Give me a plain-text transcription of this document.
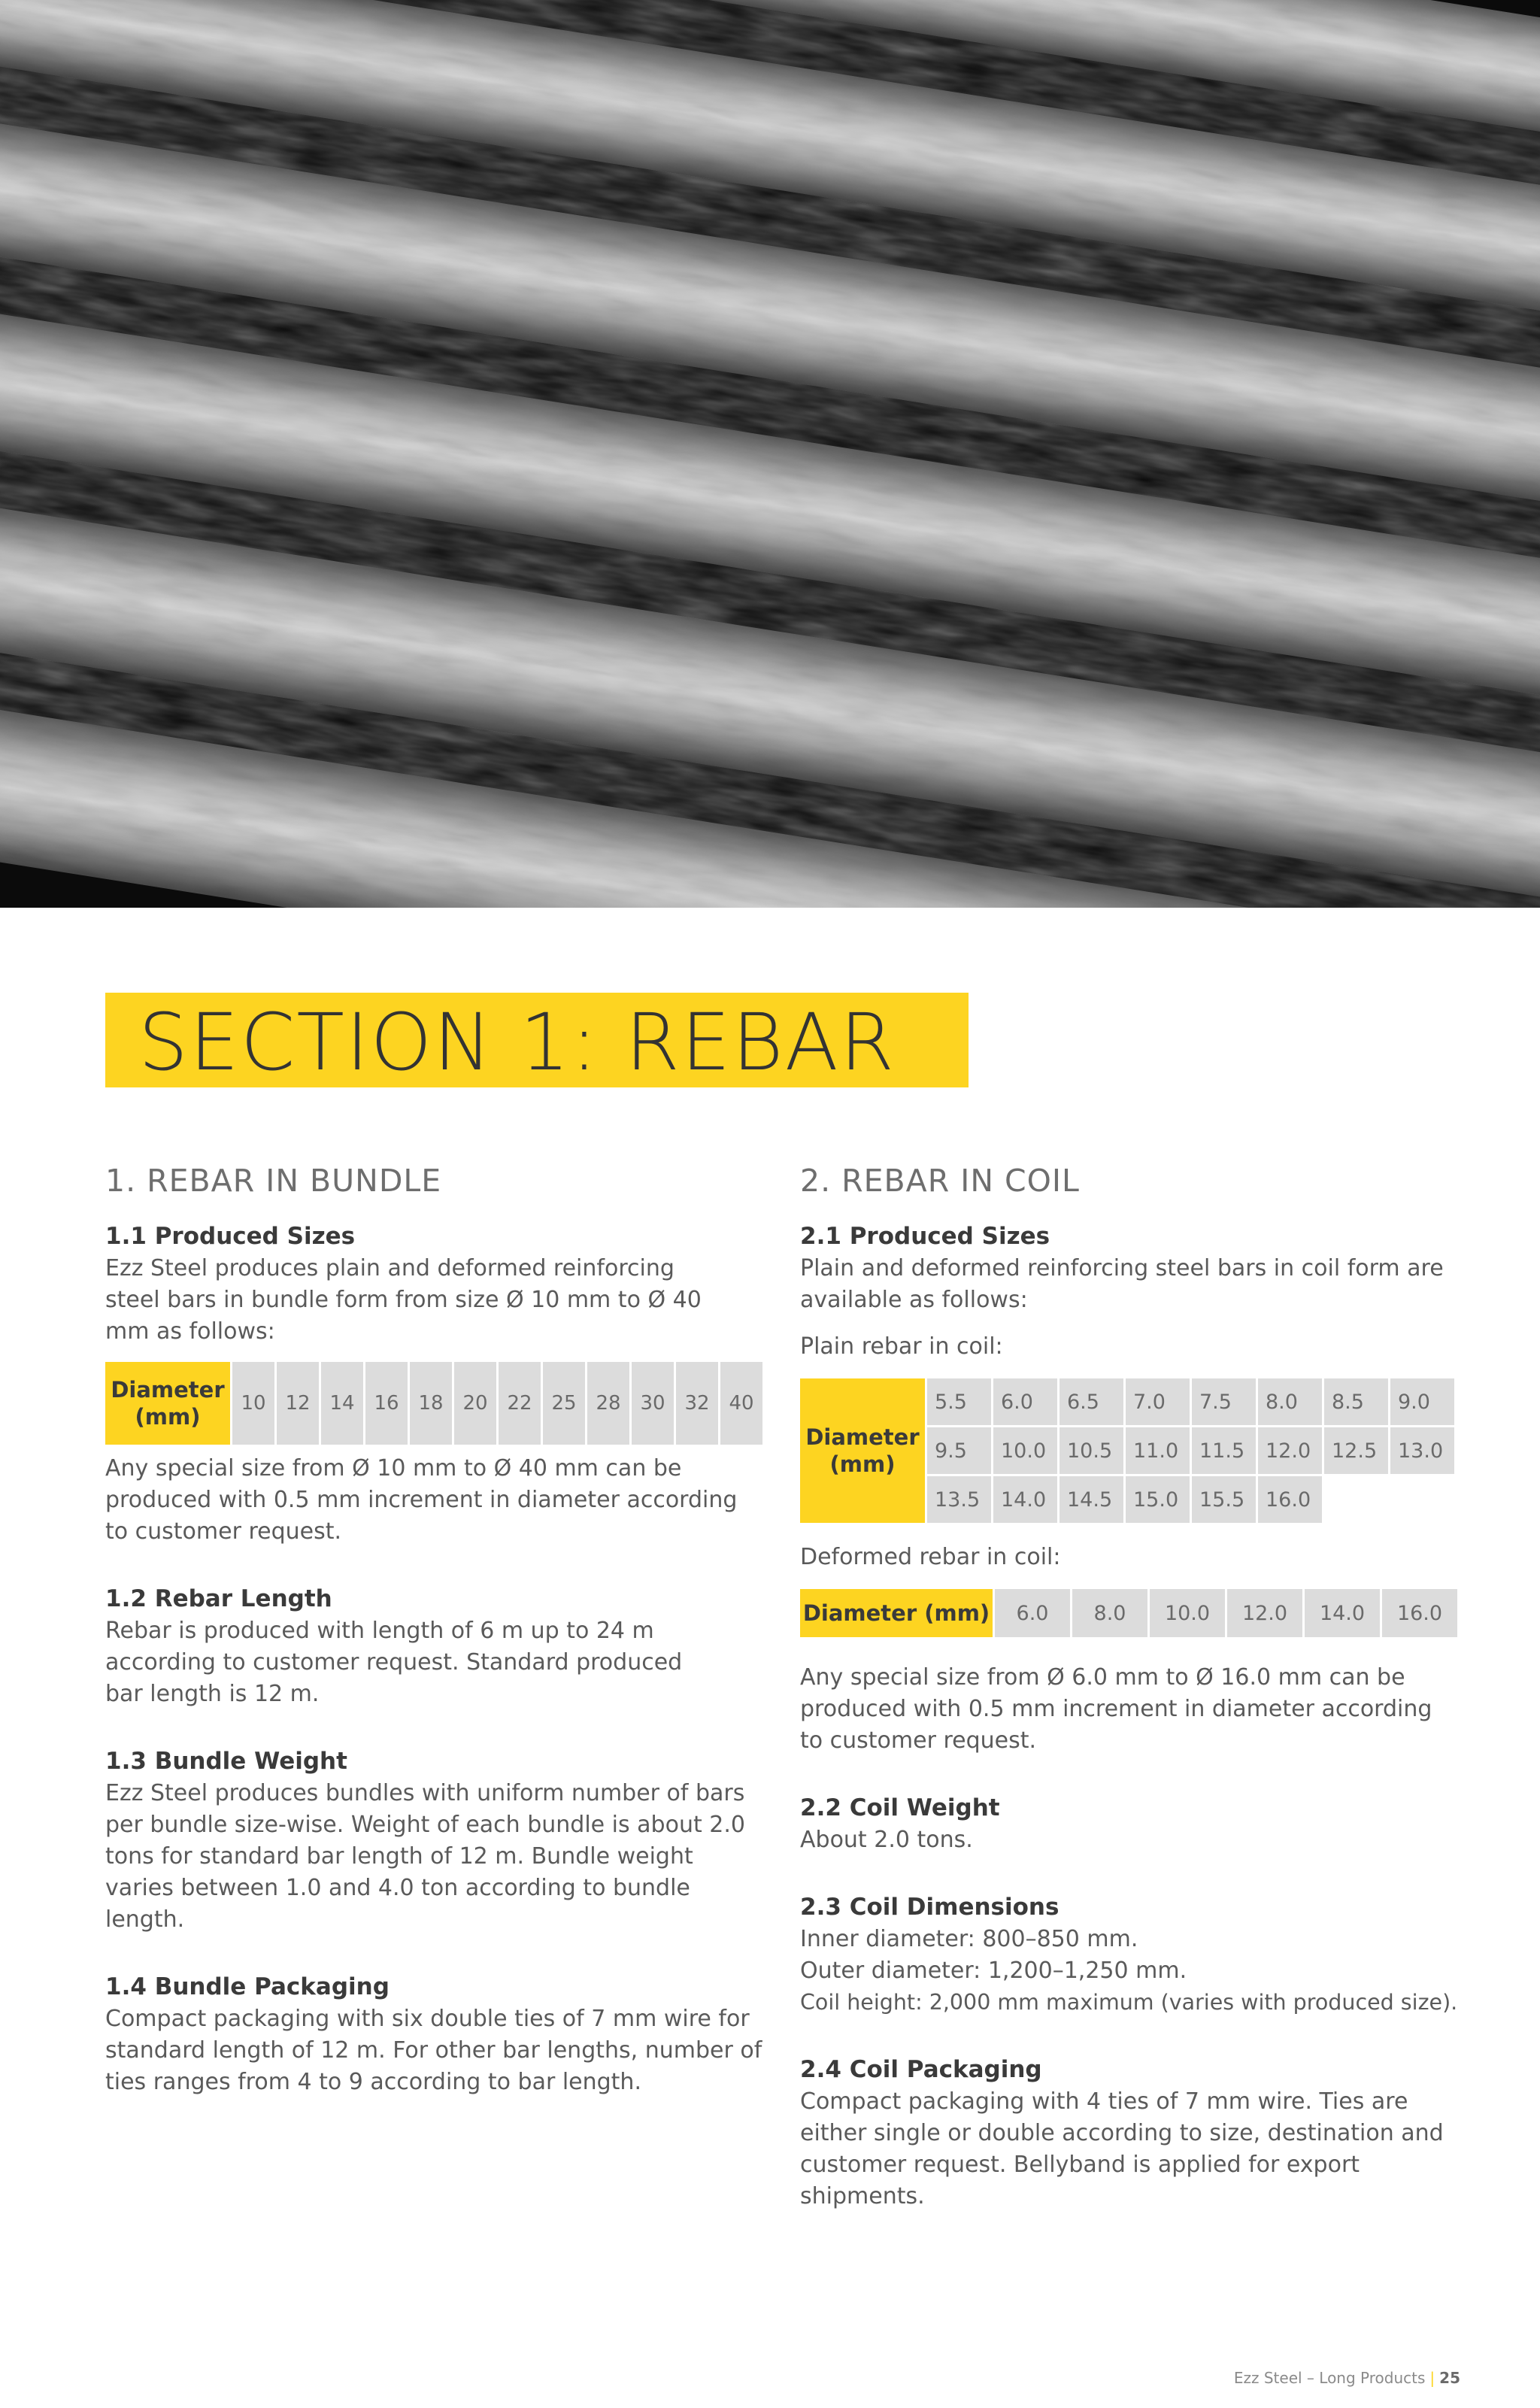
SECTION 1: REBAR
1. REBAR IN BUNDLE
1.1 Produced Sizes
Ezz Steel produces plain and deformed reinforcing steel bars in bundle form from size Ø 10 mm to Ø 40 mm as follows:
Diameter (mm)	10	12	14	16	18	20	22	25	28	30	32	40
Any special size from Ø 10 mm to Ø 40 mm can be produced with 0.5 mm increment in diameter according to customer request.
1.2 Rebar Length
Rebar is produced with length of 6 m up to 24 m according to customer request. Standard produced bar length is 12 m.
1.3 Bundle Weight
Ezz Steel produces bundles with uniform number of bars per bundle size-wise. Weight of each bundle is about 2.0 tons for standard bar length of 12 m. Bundle weight varies between 1.0 and 4.0 ton according to bundle length.
1.4 Bundle Packaging
Compact packaging with six double ties of 7 mm wire for standard length of 12 m. For other bar lengths, number of ties ranges from 4 to 9 according to bar length.
2. REBAR IN COIL
2.1 Produced Sizes
Plain and deformed reinforcing steel bars in coil form are available as follows:
Plain rebar in coil:
Diameter (mm)	5.5	6.0	6.5	7.0	7.5	8.0	8.5	9.0
	9.5	10.0	10.5	11.0	11.5	12.0	12.5	13.0
	13.5	14.0	14.5	15.0	15.5	16.0		
Deformed rebar in coil:
Diameter (mm)	6.0	8.0	10.0	12.0	14.0	16.0
Any special size from Ø 6.0 mm to Ø 16.0 mm can be produced with 0.5 mm increment in diameter according to customer request.
2.2 Coil Weight
About 2.0 tons.
2.3 Coil Dimensions
Inner diameter: 800–850 mm.
Outer diameter: 1,200–1,250 mm.
Coil height: 2,000 mm maximum (varies with produced size).
2.4 Coil Packaging
Compact packaging with 4 ties of 7 mm wire. Ties are either single or double according to size, destination and customer request. Bellyband is applied for export shipments.
Ezz Steel – Long Products | 25
